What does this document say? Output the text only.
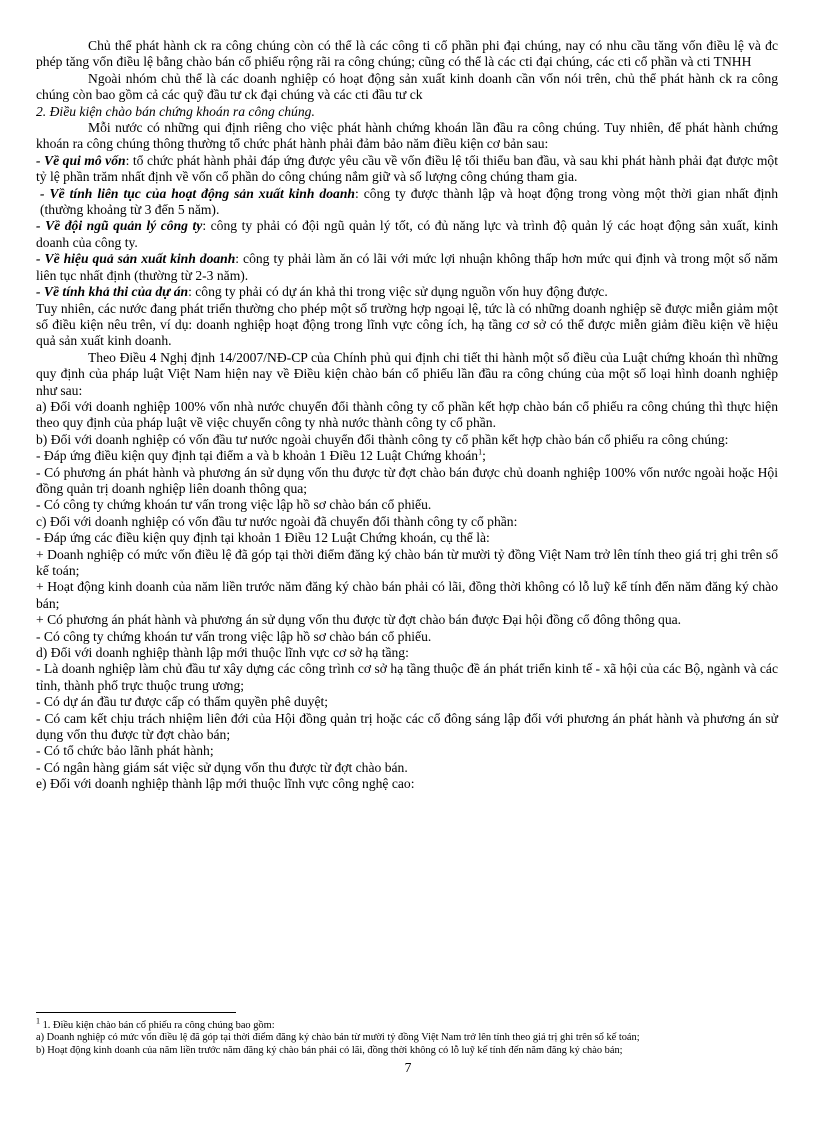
Chủ thể phát hành ck ra công chúng còn có thể là các công ti cổ phần phi đại chúng, nay có nhu cầu tăng vốn điều lệ và đc phép tăng vốn điều lệ bằng chào bán cổ phiếu rộng rãi ra công chúng; cũng có thể là các cti đại chúng, các cti cổ phần và cti TNHH

Ngoài nhóm chủ thể là các doanh nghiệp có hoạt động sản xuất kinh doanh cần vốn nói trên, chủ thể phát hành ck ra công chúng còn bao gồm cả các quỹ đầu tư ck đại chúng và các cti đầu tư ck

2. Điều kiện chào bán chứng khoán ra công chúng.

Mỗi nước có những qui định riêng cho việc phát hành chứng khoán lần đầu ra công chúng. Tuy nhiên, để phát hành chứng khoán ra công chúng thông thường tổ chức phát hành phải đảm bảo năm điều kiện cơ bản sau:

- Về qui mô vốn: tổ chức phát hành phải đáp ứng được yêu cầu về vốn điều lệ tối thiểu ban đầu, và sau khi phát hành phải đạt được một tỷ lệ phần trăm nhất định về vốn cổ phần do công chúng nắm giữ và số lượng công chúng tham gia.

- Về tính liên tục của hoạt động sản xuất kinh doanh: công ty được thành lập và hoạt động trong vòng một thời gian nhất định (thường khoảng từ 3 đến 5 năm).

- Về đội ngũ quản lý công ty: công ty phải có đội ngũ quản lý tốt, có đủ năng lực và trình độ quản lý các hoạt động sản xuất, kinh doanh của công ty.

- Về hiệu quả sản xuất kinh doanh: công ty phải làm ăn có lãi với mức lợi nhuận không thấp hơn mức qui định và trong một số năm liên tục nhất định (thường từ 2-3 năm).

- Về tính khả thi của dự án: công ty phải có dự án khả thi trong việc sử dụng nguồn vốn huy động được.

Tuy nhiên, các nước đang phát triển thường cho phép một số trường hợp ngoại lệ, tức là có những doanh nghiệp sẽ được miễn giảm một số điều kiện nêu trên, ví dụ: doanh nghiệp hoạt động trong lĩnh vực công ích, hạ tầng cơ sở có thể được miễn giảm điều kiện về hiệu quả sản xuất kinh doanh.

Theo Điều 4 Nghị định 14/2007/NĐ-CP của Chính phủ qui định chi tiết thi hành một số điều của Luật chứng khoán thì những quy định của pháp luật Việt Nam hiện nay về Điều kiện chào bán cổ phiếu lần đầu ra công chúng của một số loại hình doanh nghiệp như sau:

a) Đối với doanh nghiệp 100% vốn nhà nước chuyển đổi thành công ty cổ phần kết hợp chào bán cổ phiếu ra công chúng thì thực hiện theo quy định của pháp luật về việc chuyển công ty nhà nước thành công ty cổ phần.

b) Đối với doanh nghiệp có vốn đầu tư nước ngoài chuyển đổi thành công ty cổ phần kết hợp chào bán cổ phiếu ra công chúng:

- Đáp ứng điều kiện quy định tại điểm a và b khoản 1 Điều 12 Luật Chứng khoán$^1$;

- Có phương án phát hành và phương án sử dụng vốn thu được từ đợt chào bán được chủ doanh nghiệp 100% vốn nước ngoài hoặc Hội đồng quản trị doanh nghiệp liên doanh thông qua;

- Có công ty chứng khoán tư vấn trong việc lập hồ sơ chào bán cổ phiếu.

c) Đối với doanh nghiệp có vốn đầu tư nước ngoài đã chuyển đổi thành công ty cổ phần:

- Đáp ứng các điều kiện quy định tại khoản 1 Điều 12 Luật Chứng khoán, cụ thể là:

+ Doanh nghiệp có mức vốn điều lệ đã góp tại thời điểm đăng ký chào bán từ mười tỷ đồng Việt Nam trở lên tính theo giá trị ghi trên sổ kế toán;

+ Hoạt động kinh doanh của năm liền trước năm đăng ký chào bán phải có lãi, đồng thời không có lỗ luỹ kế tính đến năm đăng ký chào bán;

+ Có phương án phát hành và phương án sử dụng vốn thu được từ đợt chào bán được Đại hội đồng cổ đông thông qua.

- Có công ty chứng khoán tư vấn trong việc lập hồ sơ chào bán cổ phiếu.

d) Đối với doanh nghiệp thành lập mới thuộc lĩnh vực cơ sở hạ tầng:

- Là doanh nghiệp làm chủ đầu tư xây dựng các công trình cơ sở hạ tầng thuộc đề án phát triển kinh tế - xã hội của các Bộ, ngành và các tỉnh, thành phố trực thuộc trung ương;

- Có dự án đầu tư được cấp có thẩm quyền phê duyệt;

- Có cam kết chịu trách nhiệm liên đới của Hội đồng quản trị hoặc các cổ đông sáng lập đối với phương án phát hành và phương án sử dụng vốn thu được từ đợt chào bán;

- Có tổ chức bảo lãnh phát hành;

- Có ngân hàng giám sát việc sử dụng vốn thu được từ đợt chào bán.

e) Đối với doanh nghiệp thành lập mới thuộc lĩnh vực công nghệ cao:

$^1$ 1. Điều kiện chào bán cổ phiếu ra công chúng bao gồm:

a) Doanh nghiệp có mức vốn điều lệ đã góp tại thời điểm đăng ký chào bán từ mười tỷ đồng Việt Nam trở lên tính theo giá trị ghi trên sổ kế toán;

b) Hoạt động kinh doanh của năm liền trước năm đăng ký chào bán phải có lãi, đồng thời không có lỗ luỹ kế tính đến năm đăng ký chào bán;

7
